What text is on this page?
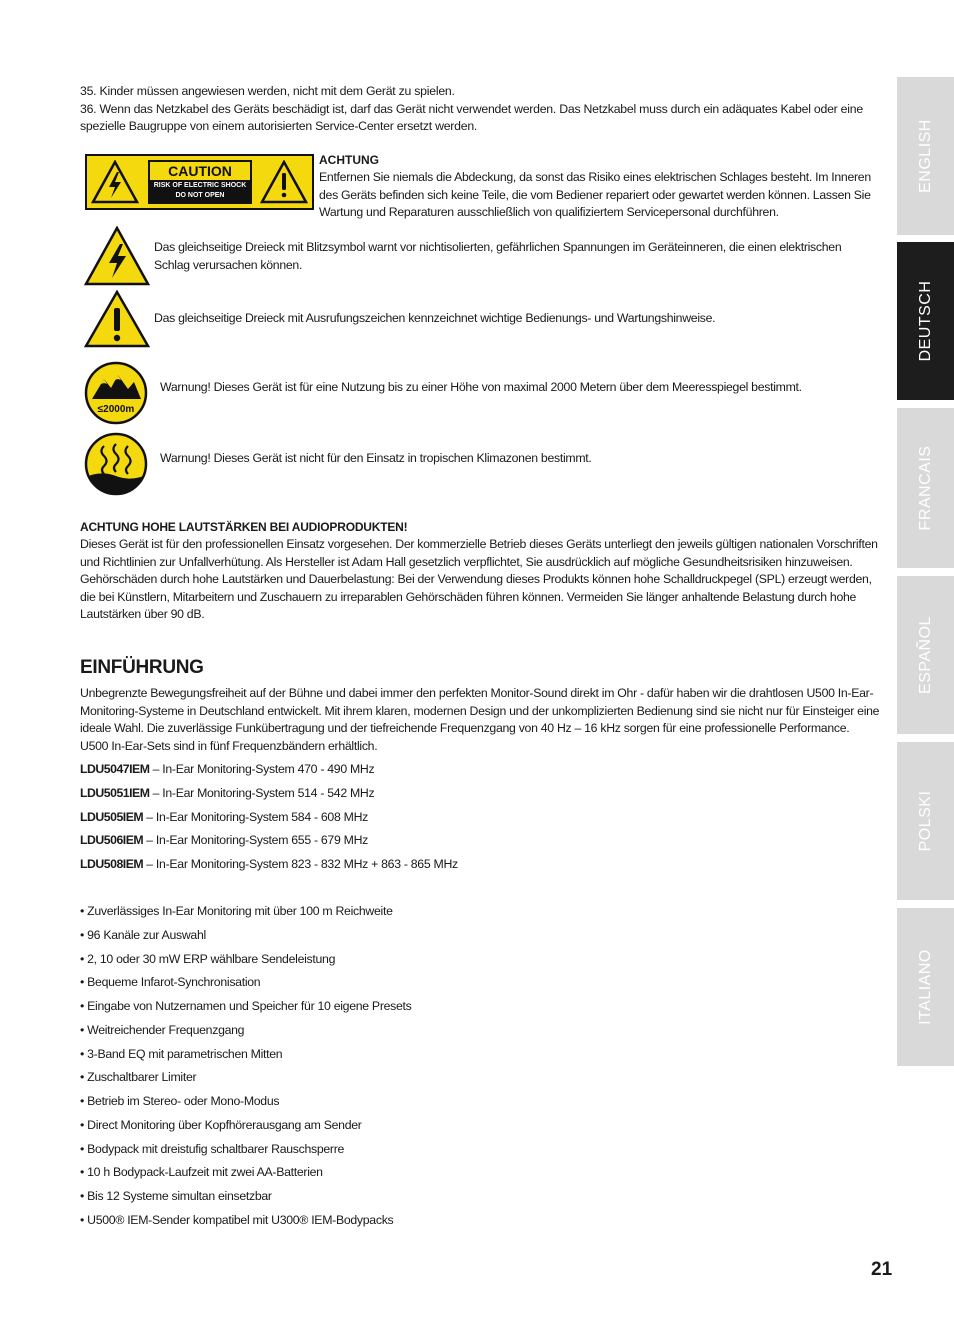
35. Kinder müssen angewiesen werden, nicht mit dem Gerät zu spielen.

36. Wenn das Netzkabel des Geräts beschädigt ist, darf das Gerät nicht verwendet werden. Das Netzkabel muss durch ein adäquates Kabel oder eine spezielle Baugruppe von einem autorisierten Service-Center ersetzt werden.

CAUTION
RISK OF ELECTRIC SHOCK
DO NOT OPEN
ACHTUNG

Entfernen Sie niemals die Abdeckung, da sonst das Risiko eines elektrischen Schlages besteht. Im Inneren des Geräts befinden sich keine Teile, die vom Bediener repariert oder gewartet werden können. Lassen Sie Wartung und Reparaturen ausschließlich von qualifiziertem Servicepersonal durchführen.

Das gleichseitige Dreieck mit Blitzsymbol warnt vor nichtisolierten, gefährlichen Spannungen im Geräteinneren, die einen elektrischen Schlag verursachen können.
Das gleichseitige Dreieck mit Ausrufungszeichen kennzeichnet wichtige Bedienungs- und Wartungshinweise.
≤2000m
Warnung! Dieses Gerät ist für eine Nutzung bis zu einer Höhe von maximal 2000 Metern über dem Meeresspiegel bestimmt.
Warnung! Dieses Gerät ist nicht für den Einsatz in tropischen Klimazonen bestimmt.
ACHTUNG HOHE LAUTSTÄRKEN BEI AUDIOPRODUKTEN!

Dieses Gerät ist für den professionellen Einsatz vorgesehen. Der kommerzielle Betrieb dieses Geräts unterliegt den jeweils gültigen nationalen Vorschriften und Richtlinien zur Unfallverhütung. Als Hersteller ist Adam Hall gesetzlich verpflichtet, Sie ausdrücklich auf mögliche Gesundheitsrisiken hinzuweisen. Gehörschäden durch hohe Lautstärken und Dauerbelastung: Bei der Verwendung dieses Produkts können hohe Schalldruckpegel (SPL) erzeugt werden, die bei Künstlern, Mitarbeitern und Zuschauern zu irreparablen Gehörschäden führen können. Vermeiden Sie länger anhaltende Belastung durch hohe Lautstärken über 90 dB.

EINFÜHRUNG

Unbegrenzte Bewegungsfreiheit auf der Bühne und dabei immer den perfekten Monitor-Sound direkt im Ohr - dafür haben wir die drahtlosen U500 In-Ear-Monitoring-Systeme in Deutschland entwickelt. Mit ihrem klaren, modernen Design und der unkomplizierten Bedienung sind sie nicht nur für Einsteiger eine ideale Wahl. Die zuverlässige Funkübertragung und der tiefreichende Frequenzgang von 40 Hz – 16 kHz sorgen für eine professionelle Performance. U500 In-Ear-Sets sind in fünf Frequenzbändern erhältlich.

LDU5047IEM – In-Ear Monitoring-System 470 - 490 MHz
LDU5051IEM – In-Ear Monitoring-System 514 - 542 MHz
LDU505IEM – In-Ear Monitoring-System 584 - 608 MHz
LDU506IEM – In-Ear Monitoring-System 655 - 679 MHz
LDU508IEM – In-Ear Monitoring-System 823 - 832 MHz + 863 - 865 MHz
• Zuverlässiges In-Ear Monitoring mit über 100 m Reichweite
• 96 Kanäle zur Auswahl
• 2, 10 oder 30 mW ERP wählbare Sendeleistung
• Bequeme Infarot-Synchronisation
• Eingabe von Nutzernamen und Speicher für 10 eigene Presets
• Weitreichender Frequenzgang
• 3-Band EQ mit parametrischen Mitten
• Zuschaltbarer Limiter
• Betrieb im Stereo- oder Mono-Modus
• Direct Monitoring über Kopfhörerausgang am Sender
• Bodypack mit dreistufig schaltbarer Rauschsperre
• 10 h Bodypack-Laufzeit mit zwei AA-Batterien
• Bis 12 Systeme simultan einsetzbar
• U500® IEM-Sender kompatibel mit U300® IEM-Bodypacks
ENGLISH
DEUTSCH
FRANCAIS
ESPAÑOL
POLSKI
ITALIANO
21
